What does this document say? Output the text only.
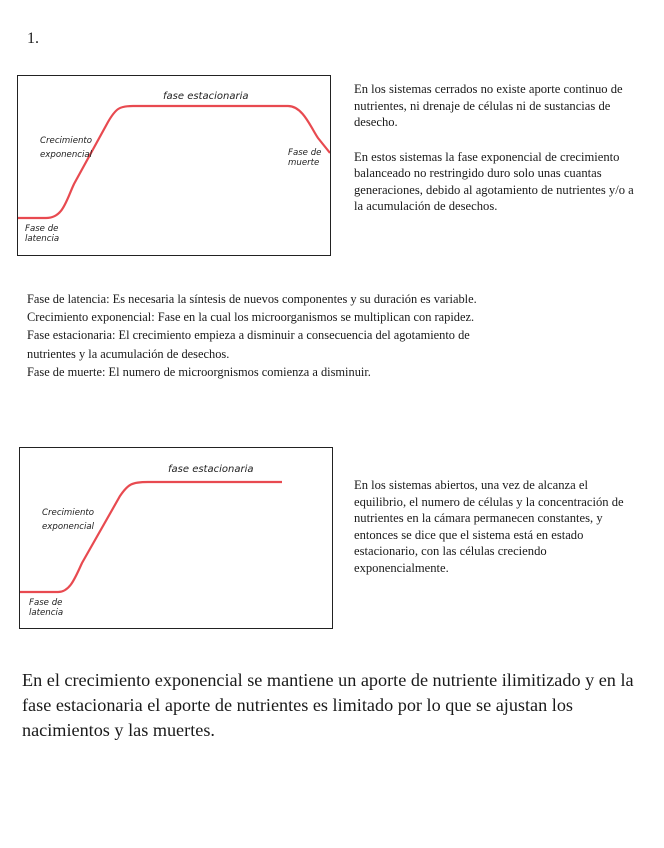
1.
fase estacionaria
Crecimiento
exponencial	Fase de
muerte
Fase de
latencia

En los sistemas cerrados no existe aporte continuo de nutrientes, ni drenaje de células ni de sustancias de desecho.

En estos sistemas la fase exponencial de crecimiento balanceado no restringido duro solo unas cuantas generaciones, debido al agotamiento de nutrientes y/o a la acumulación de desechos.

Fase de latencia: Es necesaria la síntesis de nuevos componentes y su duración es variable.
Crecimiento exponencial: Fase en la cual los microorganismos se multiplican con rapidez.
Fase estacionaria: El crecimiento empieza a disminuir a consecuencia del agotamiento de
nutrientes y la acumulación de desechos.
Fase de muerte: El numero de microorgnismos comienza a disminuir.
fase estacionaria
Crecimiento
exponencial
Fase de
latencia

En los sistemas abiertos, una vez de alcanza el equilibrio, el numero de células y la concentración de nutrientes en la cámara permanecen constantes, y entonces se dice que el sistema está en estado estacionario, con las células creciendo exponencialmente.

En el crecimiento exponencial se mantiene un aporte de nutriente ilimitizado y en la fase estacionaria el aporte de nutrientes es limitado por lo que se ajustan los nacimientos y las muertes.
